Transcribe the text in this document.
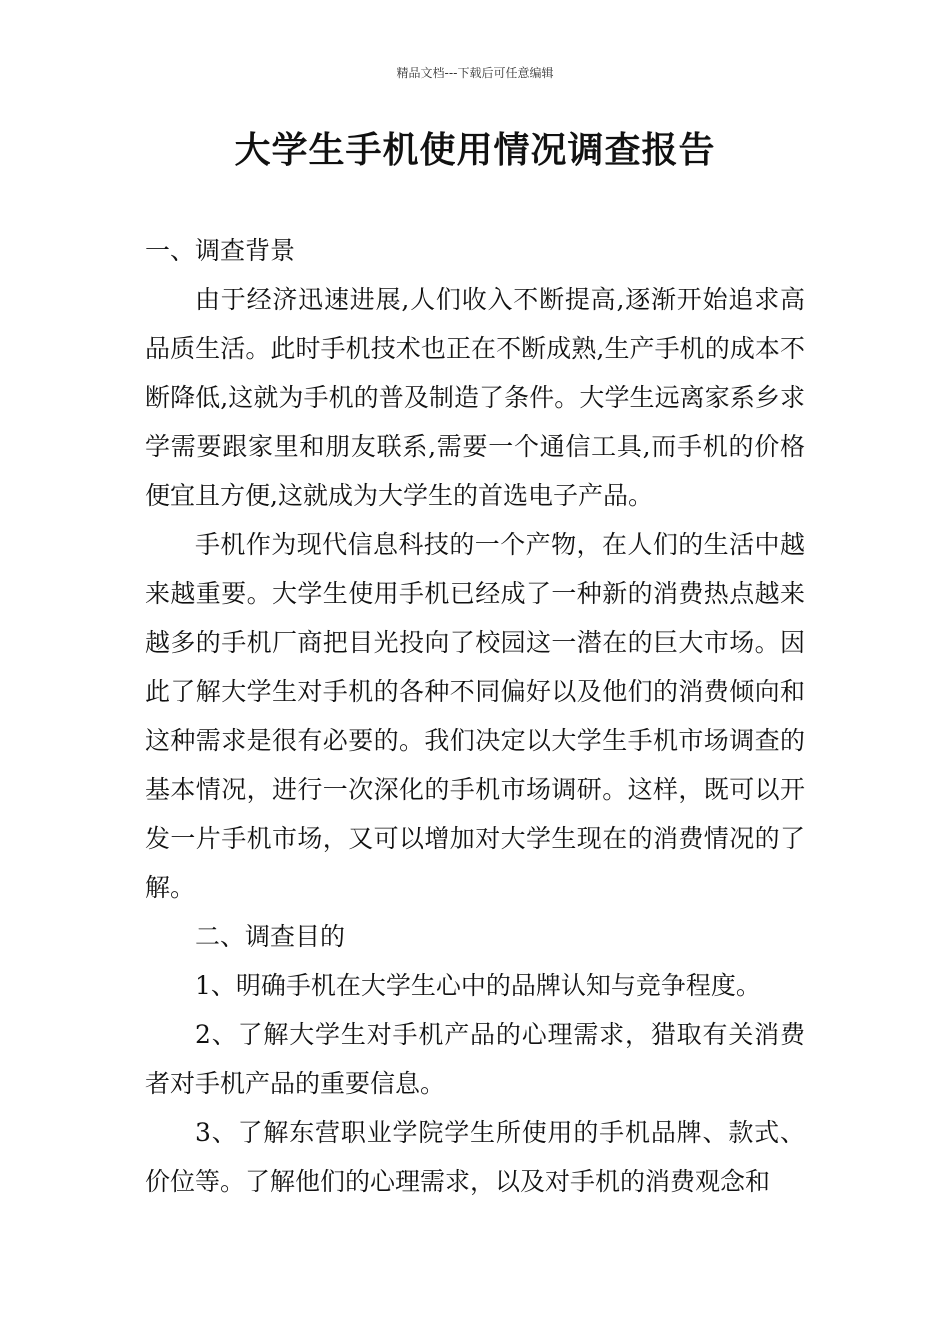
精品文档---下载后可任意编辑
大学生手机使用情况调查报告

一、调查背景

由于经济迅速进展,人们收入不断提高,逐渐开始追求高品质生活。此时手机技术也正在不断成熟,生产手机的成本不断降低,这就为手机的普及制造了条件。大学生远离家系乡求学需要跟家里和朋友联系,需要一个通信工具,而手机的价格便宜且方便,这就成为大学生的首选电子产品。

手机作为现代信息科技的一个产物，在人们的生活中越来越重要。大学生使用手机已经成了一种新的消费热点越来越多的手机厂商把目光投向了校园这一潜在的巨大市场。因此了解大学生对手机的各种不同偏好以及他们的消费倾向和这种需求是很有必要的。我们决定以大学生手机市场调查的基本情况，进行一次深化的手机市场调研。这样，既可以开发一片手机市场，又可以增加对大学生现在的消费情况的了解。

二、调查目的

1、明确手机在大学生心中的品牌认知与竞争程度。

2、了解大学生对手机产品的心理需求，猎取有关消费者对手机产品的重要信息。

3、了解东营职业学院学生所使用的手机品牌、款式、价位等。了解他们的心理需求，以及对手机的消费观念和
